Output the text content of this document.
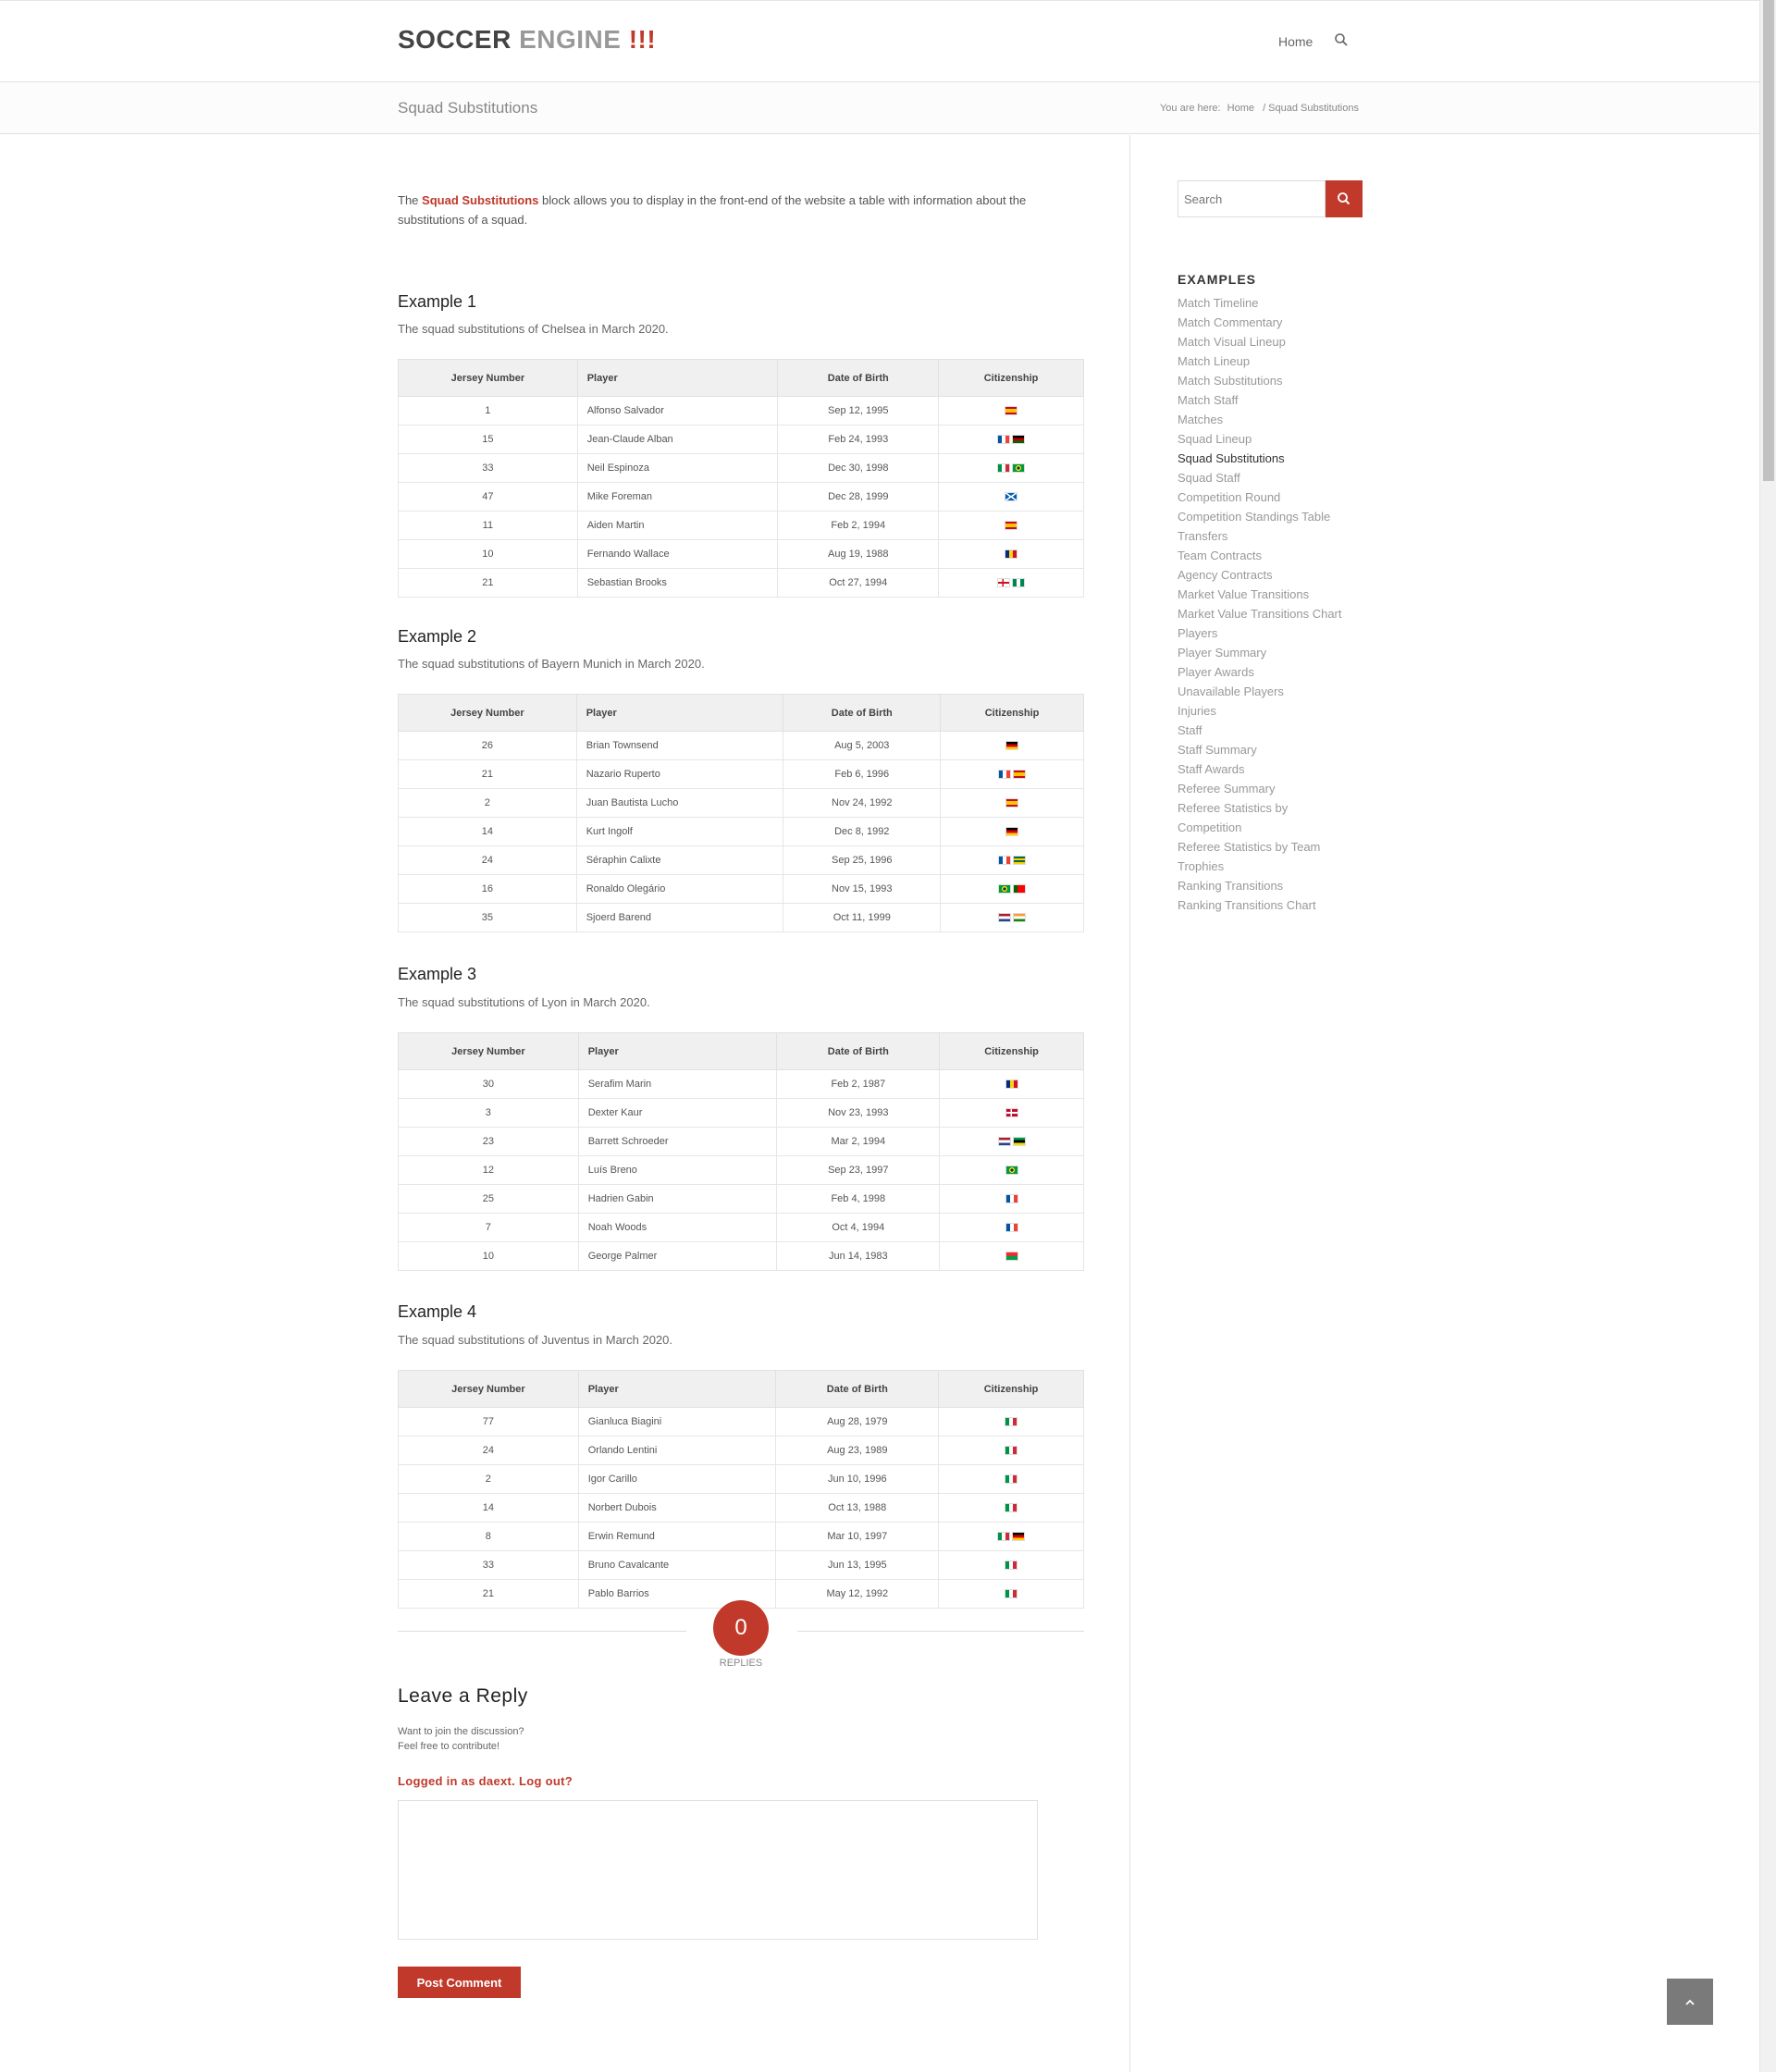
SOCCER ENGINE !!!	Home
Squad Substitutions	You are here: Home / Squad Substitutions

The Squad Substitutions block allows you to display in the front-end of the website a table with information about the substitutions of a squad.

Example 1

The squad substitutions of Chelsea in March 2020.

Jersey Number	Player	Date of Birth	Citizenship
1	Alfonso Salvador	Sep 12, 1995	
15	Jean-Claude Alban	Feb 24, 1993	
33	Neil Espinoza	Dec 30, 1998	
47	Mike Foreman	Dec 28, 1999	
11	Aiden Martin	Feb 2, 1994	
10	Fernando Wallace	Aug 19, 1988	
21	Sebastian Brooks	Oct 27, 1994	
Example 2

The squad substitutions of Bayern Munich in March 2020.

Jersey Number	Player	Date of Birth	Citizenship
26	Brian Townsend	Aug 5, 2003	
21	Nazario Ruperto	Feb 6, 1996	
2	Juan Bautista Lucho	Nov 24, 1992	
14	Kurt Ingolf	Dec 8, 1992	
24	Séraphin Calixte	Sep 25, 1996	
16	Ronaldo Olegário	Nov 15, 1993	
35	Sjoerd Barend	Oct 11, 1999	
Example 3

The squad substitutions of Lyon in March 2020.

Jersey Number	Player	Date of Birth	Citizenship
30	Serafim Marin	Feb 2, 1987	
3	Dexter Kaur	Nov 23, 1993	
23	Barrett Schroeder	Mar 2, 1994	
12	Luís Breno	Sep 23, 1997	
25	Hadrien Gabin	Feb 4, 1998	
7	Noah Woods	Oct 4, 1994	
10	George Palmer	Jun 14, 1983	
Example 4

The squad substitutions of Juventus in March 2020.

Jersey Number	Player	Date of Birth	Citizenship
77	Gianluca Biagini	Aug 28, 1979	
24	Orlando Lentini	Aug 23, 1989	
2	Igor Carillo	Jun 10, 1996	
14	Norbert Dubois	Oct 13, 1988	
8	Erwin Remund	Mar 10, 1997	
33	Bruno Cavalcante	Jun 13, 1995	
21	Pablo Barrios	May 12, 1992	
0
REPLIES
Leave a Reply
Want to join the discussion?
Feel free to contribute!
Logged in as daext. Log out?
Post Comment
Search
EXAMPLES
Match Timeline
Match Commentary
Match Visual Lineup
Match Lineup
Match Substitutions
Match Staff
Matches
Squad Lineup
Squad Substitutions
Squad Staff
Competition Round
Competition Standings Table
Transfers
Team Contracts
Agency Contracts
Market Value Transitions
Market Value Transitions Chart
Players
Player Summary
Player Awards
Unavailable Players
Injuries
Staff
Staff Summary
Staff Awards
Referee Summary
Referee Statistics by
Competition
Referee Statistics by Team
Trophies
Ranking Transitions
Ranking Transitions Chart
